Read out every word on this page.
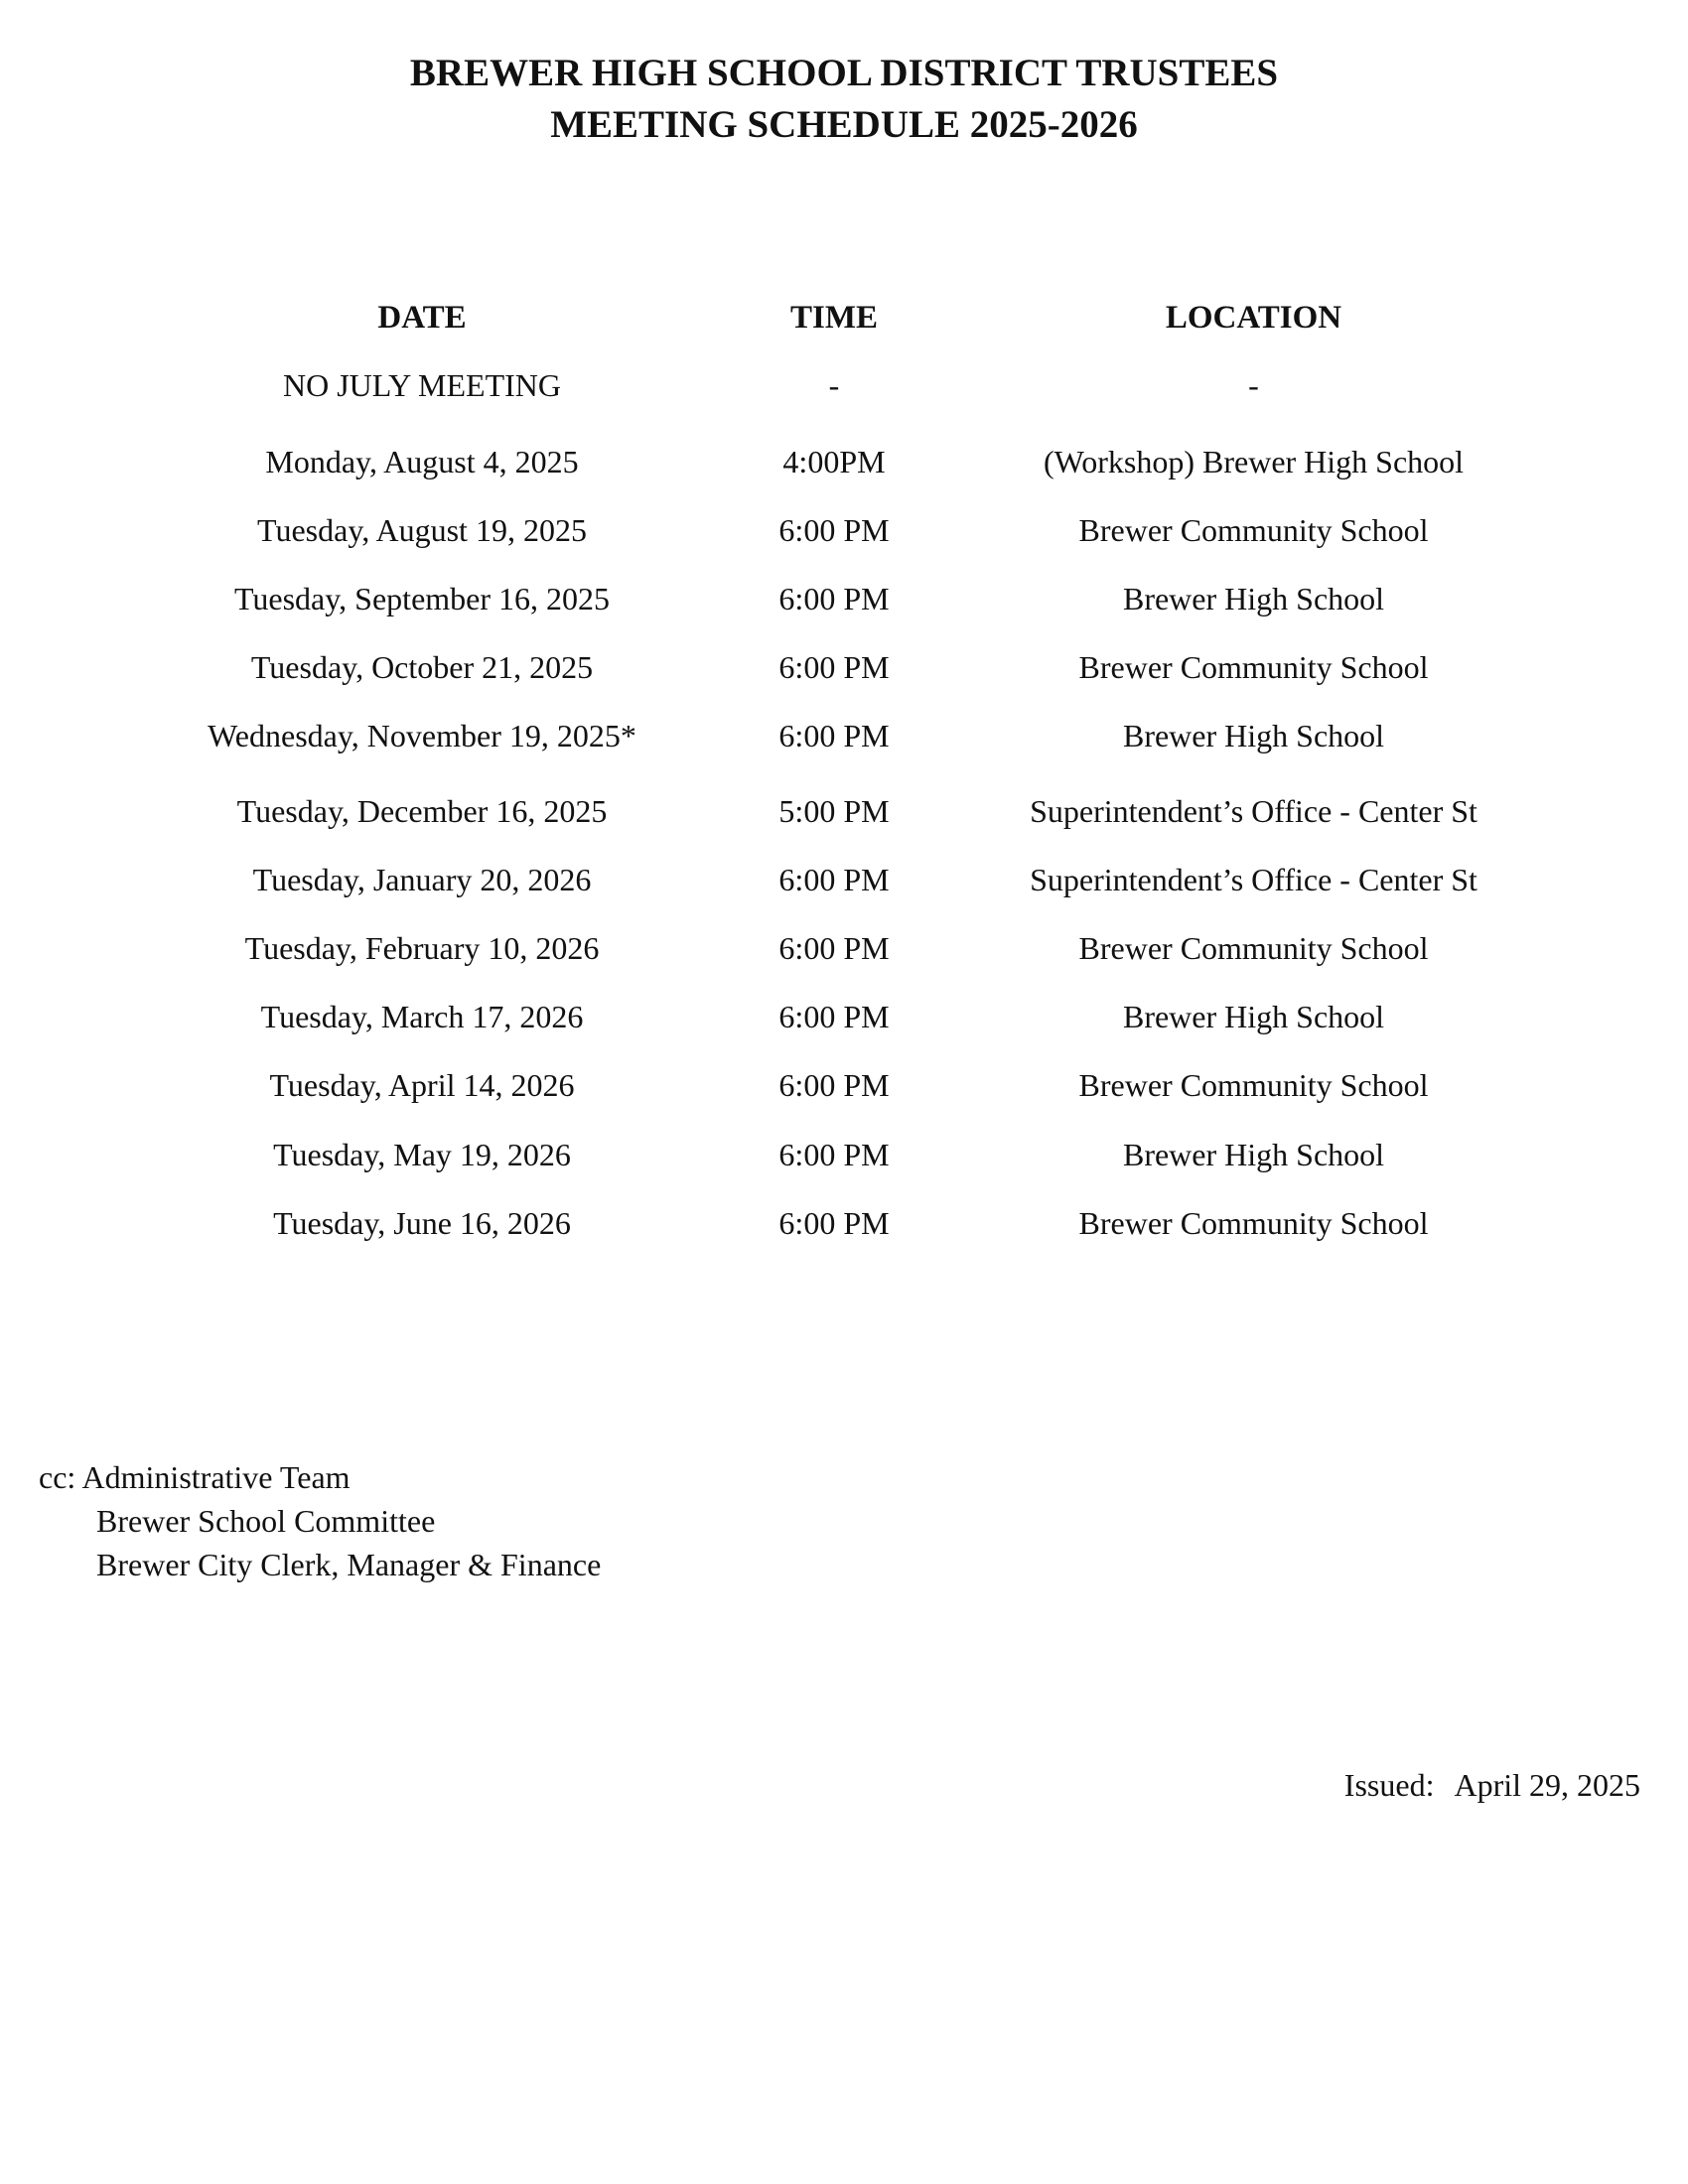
BREWER HIGH SCHOOL DISTRICT TRUSTEES
MEETING SCHEDULE 2025-2026
DATE	TIME	LOCATION
NO JULY MEETING	-	-
Monday, August 4, 2025	4:00PM	(Workshop) Brewer High School
Tuesday, August 19, 2025	6:00 PM	Brewer Community School
Tuesday, September 16, 2025	6:00 PM	Brewer High School
Tuesday, October 21, 2025	6:00 PM	Brewer Community School
Wednesday, November 19, 2025*	6:00 PM	Brewer High School
Tuesday, December 16, 2025	5:00 PM	Superintendent’s Office - Center St
Tuesday, January 20, 2026	6:00 PM	Superintendent’s Office - Center St
Tuesday, February 10, 2026	6:00 PM	Brewer Community School
Tuesday, March 17, 2026	6:00 PM	Brewer High School
Tuesday, April 14, 2026	6:00 PM	Brewer Community School
Tuesday, May 19, 2026	6:00 PM	Brewer High School
Tuesday, June 16, 2026	6:00 PM	Brewer Community School
cc: Administrative Team
Brewer School Committee
Brewer City Clerk, Manager & Finance
Issued: April 29, 2025
